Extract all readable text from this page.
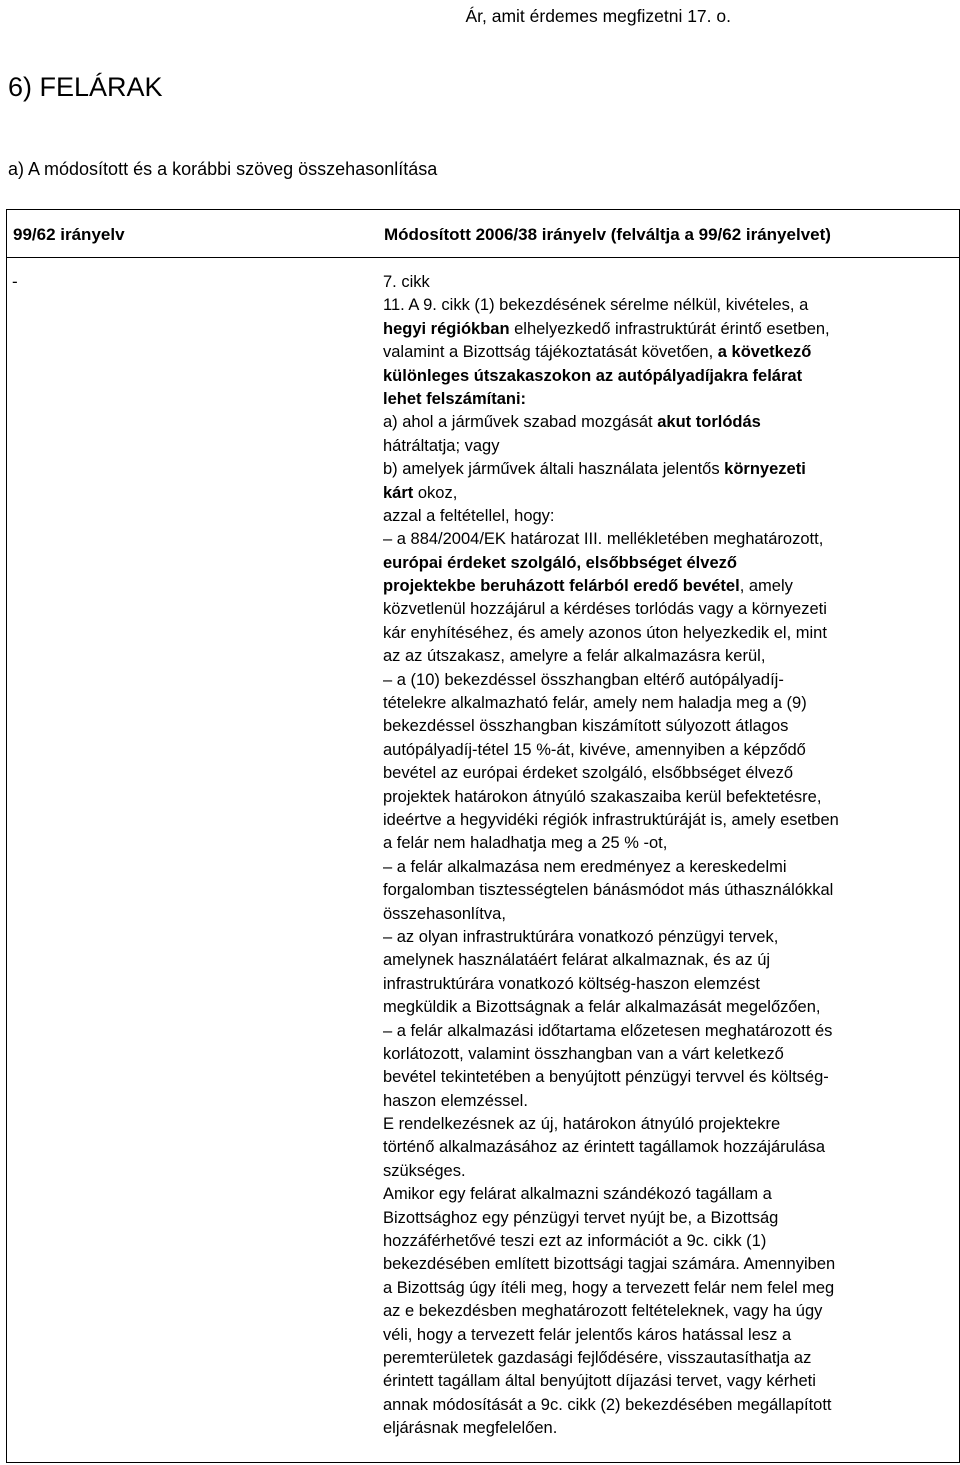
Ár, amit érdemes megfizetni 17. o.
6) FELÁRAK
a) A módosított és a korábbi szöveg összehasonlítása
99/62 irányelv	Módosított 2006/38 irányelv (felváltja a 99/62 irányelvet)
-	7. cikk
11. A 9. cikk (1) bekezdésének sérelme nélkül, kivételes, a
hegyi régiókban elhelyezkedő infrastruktúrát érintő esetben,
valamint a Bizottság tájékoztatását követően, a következő
különleges útszakaszokon az autópályadíjakra felárat
lehet felszámítani:
a) ahol a járművek szabad mozgását akut torlódás
hátráltatja; vagy
b) amelyek járművek általi használata jelentős környezeti
kárt okoz,
azzal a feltétellel, hogy:
– a 884/2004/EK határozat III. mellékletében meghatározott,
európai érdeket szolgáló, elsőbbséget élvező
projektekbe beruházott felárból eredő bevétel, amely
közvetlenül hozzájárul a kérdéses torlódás vagy a környezeti
kár enyhítéséhez, és amely azonos úton helyezkedik el, mint
az az útszakasz, amelyre a felár alkalmazásra kerül,
– a (10) bekezdéssel összhangban eltérő autópályadíj-
tételekre alkalmazható felár, amely nem haladja meg a (9)
bekezdéssel összhangban kiszámított súlyozott átlagos
autópályadíj-tétel 15 %-át, kivéve, amennyiben a képződő
bevétel az európai érdeket szolgáló, elsőbbséget élvező
projektek határokon átnyúló szakaszaiba kerül befektetésre,
ideértve a hegyvidéki régiók infrastruktúráját is, amely esetben
a felár nem haladhatja meg a 25 % -ot,
– a felár alkalmazása nem eredményez a kereskedelmi
forgalomban tisztességtelen bánásmódot más úthasználókkal
összehasonlítva,
– az olyan infrastruktúrára vonatkozó pénzügyi tervek,
amelynek használatáért felárat alkalmaznak, és az új
infrastruktúrára vonatkozó költség-haszon elemzést
megküldik a Bizottságnak a felár alkalmazását megelőzően,
– a felár alkalmazási időtartama előzetesen meghatározott és
korlátozott, valamint összhangban van a várt keletkező
bevétel tekintetében a benyújtott pénzügyi tervvel és költség-
haszon elemzéssel.
E rendelkezésnek az új, határokon átnyúló projektekre
történő alkalmazásához az érintett tagállamok hozzájárulása
szükséges.
Amikor egy felárat alkalmazni szándékozó tagállam a
Bizottsághoz egy pénzügyi tervet nyújt be, a Bizottság
hozzáférhetővé teszi ezt az információt a 9c. cikk (1)
bekezdésében említett bizottsági tagjai számára. Amennyiben
a Bizottság úgy ítéli meg, hogy a tervezett felár nem felel meg
az e bekezdésben meghatározott feltételeknek, vagy ha úgy
véli, hogy a tervezett felár jelentős káros hatással lesz a
peremterületek gazdasági fejlődésére, visszautasíthatja az
érintett tagállam által benyújtott díjazási tervet, vagy kérheti
annak módosítását a 9c. cikk (2) bekezdésében megállapított
eljárásnak megfelelően.
